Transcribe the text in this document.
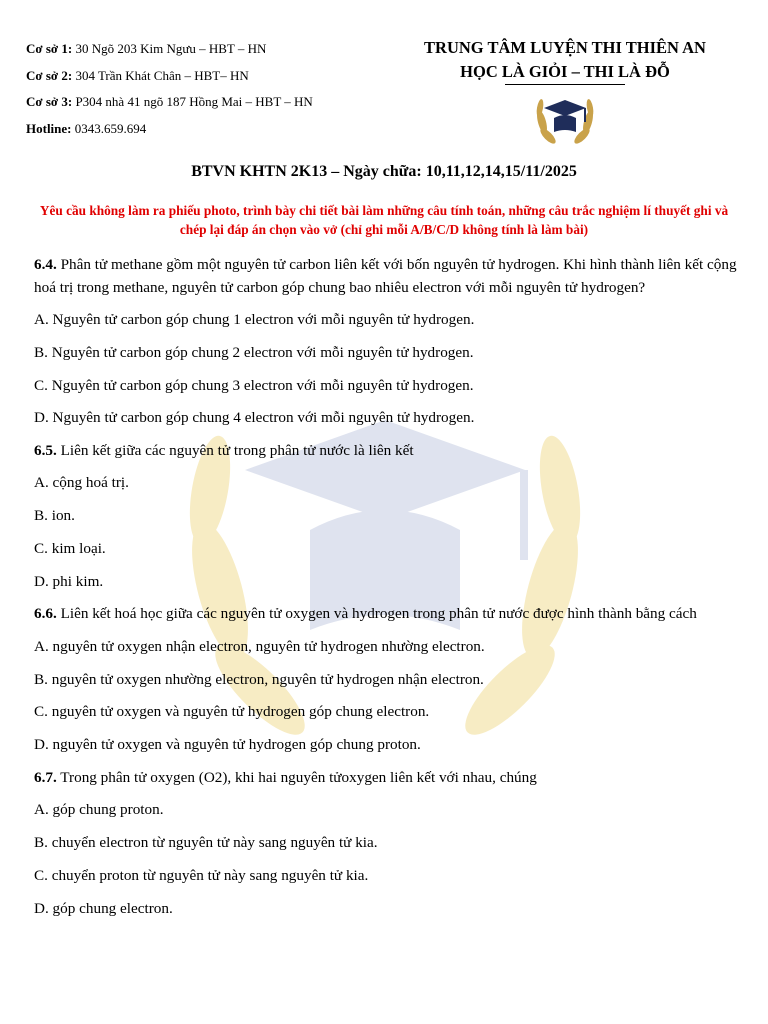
Cơ sở 1: 30 Ngõ 203 Kim Ngưu – HBT – HN
Cơ sở 2: 304 Trần Khát Chân – HBT– HN
Cơ sở 3: P304 nhà 41 ngõ 187 Hồng Mai – HBT – HN
Hotline: 0343.659.694
TRUNG TÂM LUYỆN THI THIÊN AN
HỌC LÀ GIỎI – THI LÀ ĐỖ
BTVN KHTN 2K13 – Ngày chữa: 10,11,12,14,15/11/2025
Yêu cầu không làm ra phiếu photo, trình bày chi tiết bài làm những câu tính toán, những câu trắc nghiệm lí thuyết ghi và chép lại đáp án chọn vào vở (chỉ ghi mỗi A/B/C/D không tính là làm bài)
6.4. Phân tử methane gồm một nguyên tử carbon liên kết với bốn nguyên tử hydrogen. Khi hình thành liên kết cộng hoá trị trong methane, nguyên tử carbon góp chung bao nhiêu electron với mỗi nguyên tử hydrogen?
A. Nguyên tử carbon góp chung 1 electron với mỗi nguyên tử hydrogen.
B. Nguyên tử carbon góp chung 2 electron với mỗi nguyên tử hydrogen.
C. Nguyên tử carbon góp chung 3 electron với mỗi nguyên tử hydrogen.
D. Nguyên tử carbon góp chung 4 electron với mỗi nguyên tử hydrogen.
6.5. Liên kết giữa các nguyên tử trong phân tử nước là liên kết
A. cộng hoá trị.
B. ion.
C. kim loại.
D. phi kim.
6.6. Liên kết hoá học giữa các nguyên tử oxygen và hydrogen trong phân tử nước được hình thành bằng cách
A. nguyên tử oxygen nhận electron, nguyên tử hydrogen nhường electron.
B. nguyên tử oxygen nhường electron, nguyên tử hydrogen nhận electron.
C. nguyên tử oxygen và nguyên tử hydrogen góp chung electron.
D. nguyên tử oxygen và nguyên tử hydrogen góp chung proton.
6.7. Trong phân tử oxygen (O2), khi hai nguyên tửoxygen liên kết với nhau, chúng
A. góp chung proton.
B. chuyển electron từ nguyên tử này sang nguyên tử kia.
C. chuyển proton từ nguyên tử này sang nguyên tử kia.
D. góp chung electron.
